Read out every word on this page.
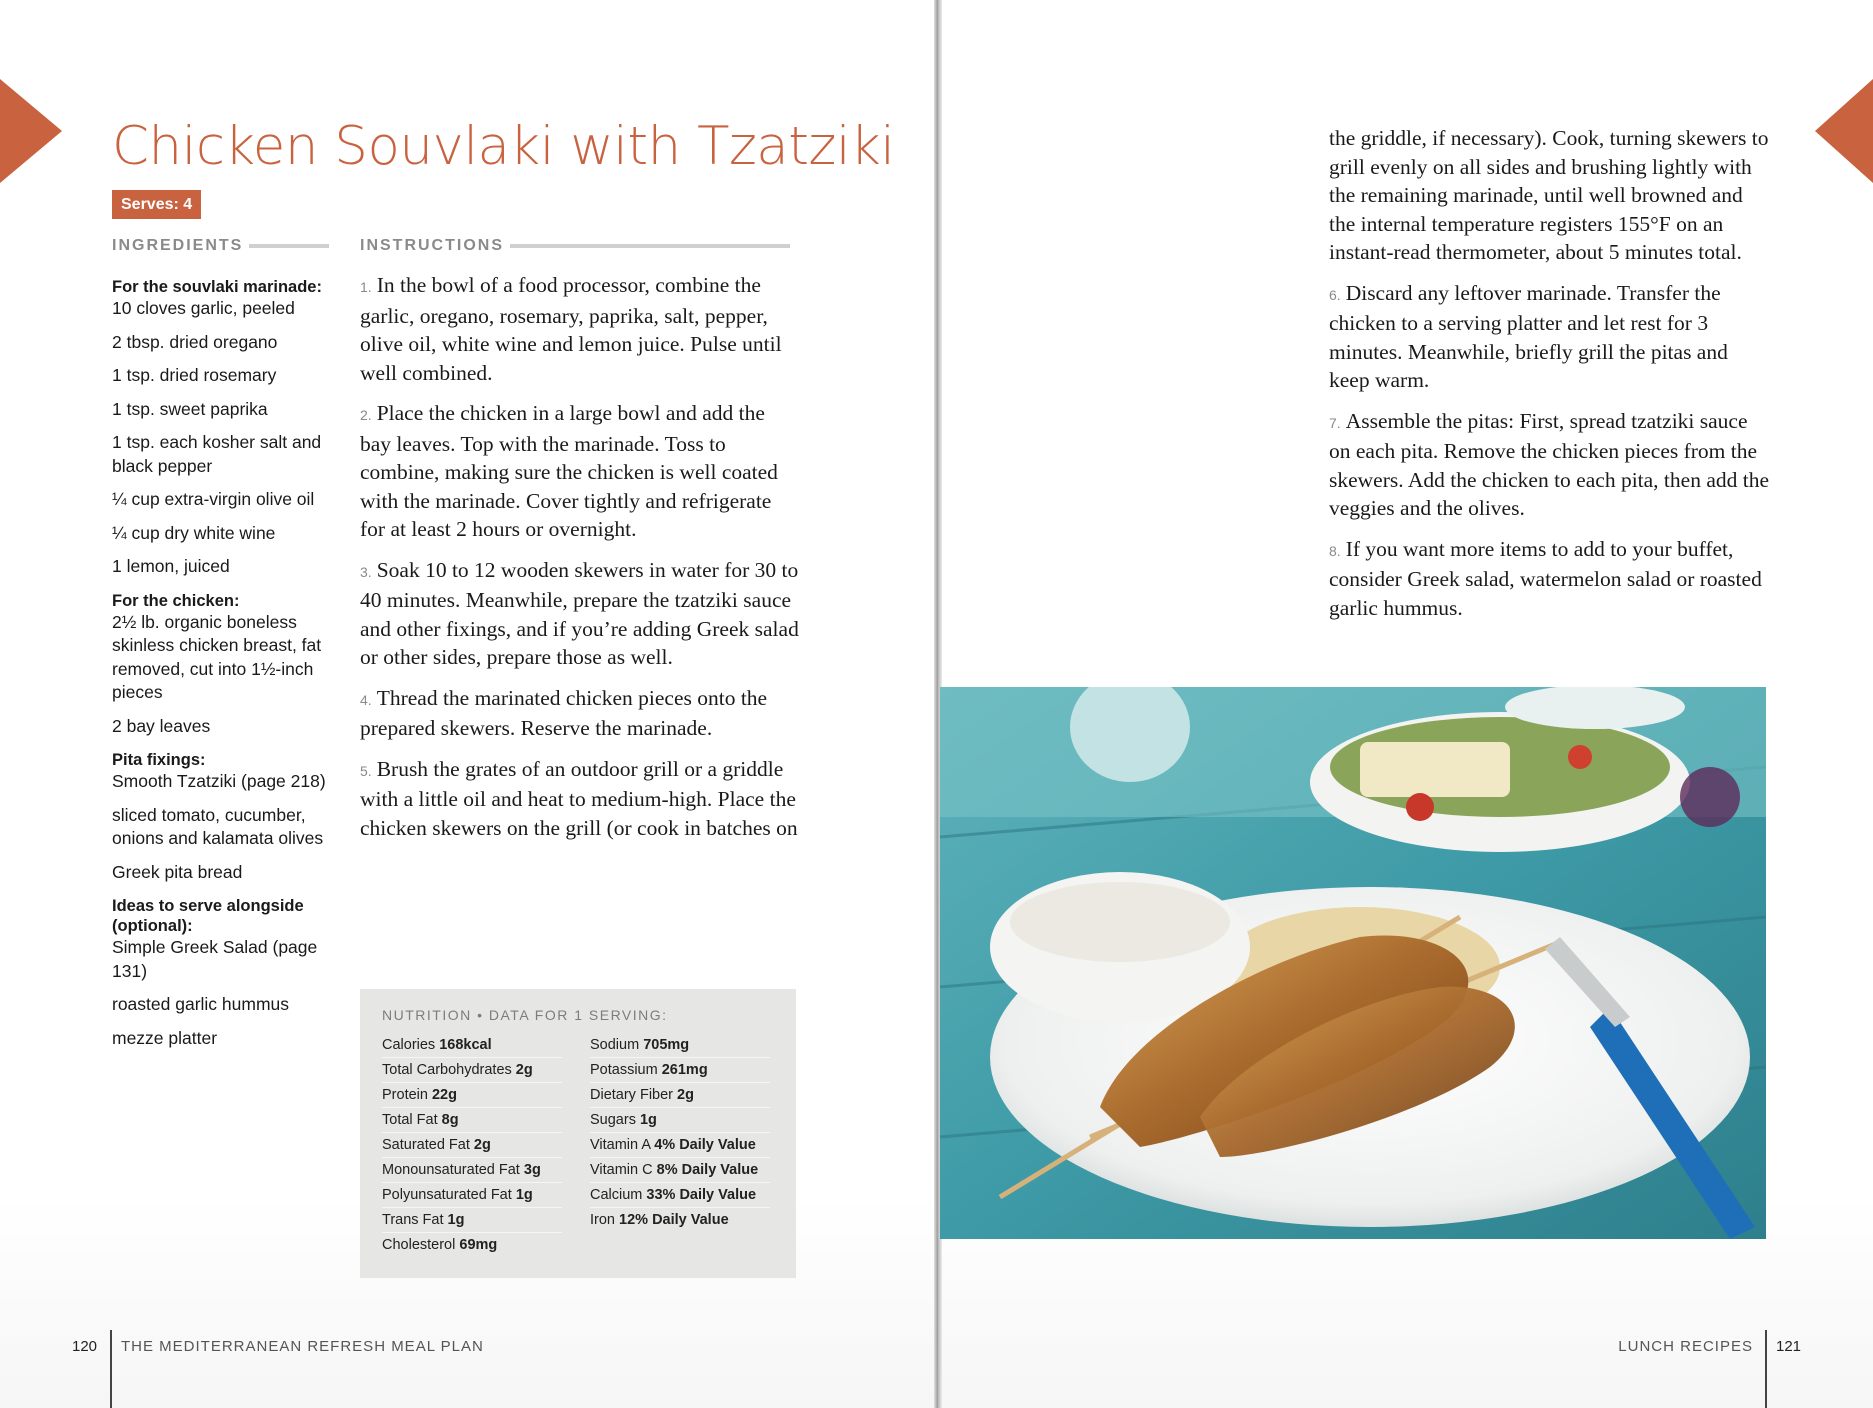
Chicken Souvlaki with Tzatziki
Serves: 4
INGREDIENTS	INSTRUCTIONS
For the souvlaki marinade:
10 cloves garlic, peeled
2 tbsp. dried oregano
1 tsp. dried rosemary
1 tsp. sweet paprika
1 tsp. each kosher salt and black pepper
¼ cup extra-virgin olive oil
¼ cup dry white wine
1 lemon, juiced
For the chicken:
2½ lb. organic boneless skinless chicken breast, fat removed, cut into 1½-inch pieces
2 bay leaves
Pita fixings:
Smooth Tzatziki (page 218)
sliced tomato, cucumber, onions and kalamata olives
Greek pita bread
Ideas to serve alongside (optional):
Simple Greek Salad (page 131)
roasted garlic hummus
mezze platter

1. In the bowl of a food processor, combine the garlic, oregano, rosemary, paprika, salt, pepper, olive oil, white wine and lemon juice. Pulse until well combined.

2. Place the chicken in a large bowl and add the bay leaves. Top with the marinade. Toss to combine, making sure the chicken is well coated with the marinade. Cover tightly and refrigerate for at least 2 hours or overnight.

3. Soak 10 to 12 wooden skewers in water for 30 to 40 minutes. Meanwhile, prepare the tzatziki sauce and other fixings, and if you’re adding Greek salad or other sides, prepare those as well.

4. Thread the marinated chicken pieces onto the prepared skewers. Reserve the marinade.

5. Brush the grates of an outdoor grill or a griddle with a little oil and heat to medium-high. Place the chicken skewers on the grill (or cook in batches on

the griddle, if necessary). Cook, turning skewers to grill evenly on all sides and brushing lightly with the remaining marinade, until well browned and the internal temperature registers 155°F on an instant-read thermometer, about 5 minutes total.

6. Discard any leftover marinade. Transfer the chicken to a serving platter and let rest for 3 minutes. Meanwhile, briefly grill the pitas and keep warm.

7. Assemble the pitas: First, spread tzatziki sauce on each pita. Remove the chicken pieces from the skewers. Add the chicken to each pita, then add the veggies and the olives.

8. If you want more items to add to your buffet, consider Greek salad, watermelon salad or roasted garlic hummus.

NUTRITION • DATA FOR 1 SERVING:

Calories 168kcal
Total Carbohydrates 2g
Protein 22g
Total Fat 8g
Saturated Fat 2g
Monounsaturated Fat 3g
Polyunsaturated Fat 1g
Trans Fat 1g
Cholesterol 69mg
Sodium 705mg
Potassium 261mg
Dietary Fiber 2g
Sugars 1g
Vitamin A 4% Daily Value
Vitamin C 8% Daily Value
Calcium 33% Daily Value
Iron 12% Daily Value
120 THE MEDITERRANEAN REFRESH MEAL PLAN	LUNCH RECIPES 121
